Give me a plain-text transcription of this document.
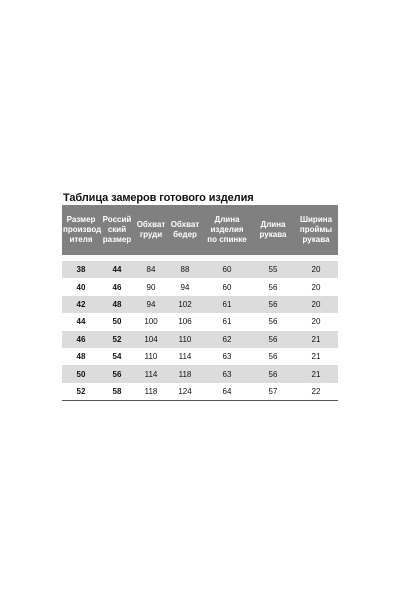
Таблица замеров готового изделия
Размер
производ
ителя	Россий
ский
размер	Обхват
груди	Обхват
бедер	Длина
изделия
по спинке	Длина
рукава	Ширина
проймы
рукава
38	44	84	88	60	55	20
40	46	90	94	60	56	20
42	48	94	102	61	56	20
44	50	100	106	61	56	20
46	52	104	110	62	56	21
48	54	110	114	63	56	21
50	56	114	118	63	56	21
52	58	118	124	64	57	22
